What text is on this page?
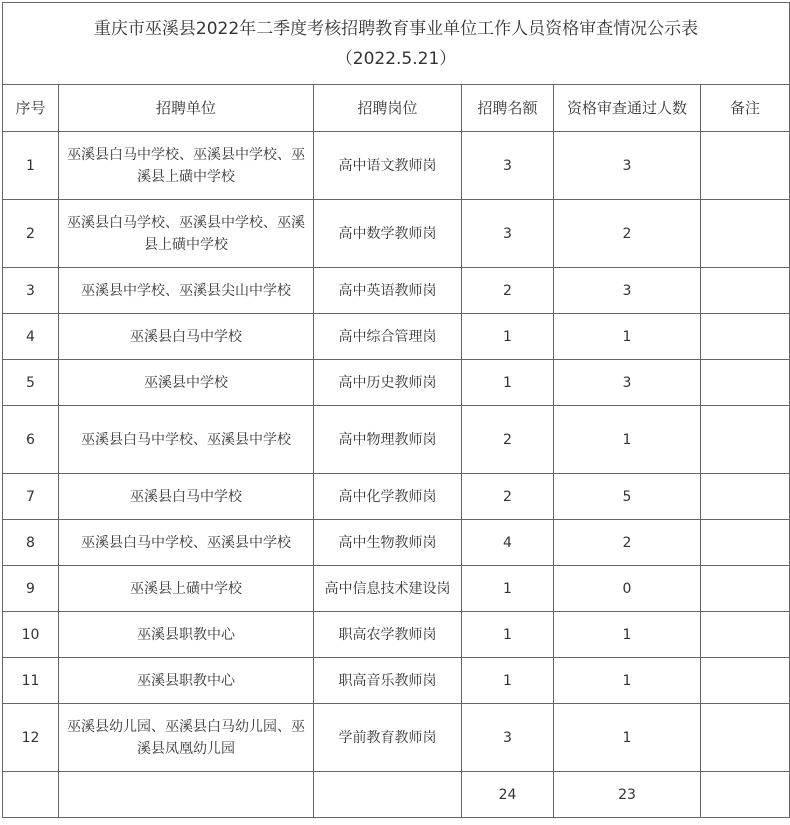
重庆市巫溪县2022年二季度考核招聘教育事业单位工作人员资格审查情况公示表
（2022.5.21）					

序号	招聘单位	招聘岗位	招聘名额	资格审查通过人数	备注
1	巫溪县白马中学校、巫溪县中学校、巫溪县上磺中学校	高中语文教师岗	3	3	
2	巫溪县白马学校、巫溪县中学校、巫溪县上磺中学校	高中数学教师岗	3	2	
3	巫溪县中学校、巫溪县尖山中学校	高中英语教师岗	2	3	
4	巫溪县白马中学校	高中综合管理岗	1	1	
5	巫溪县中学校	高中历史教师岗	1	3	
6	巫溪县白马中学校、巫溪县中学校	高中物理教师岗	2	1	
7	巫溪县白马中学校	高中化学教师岗	2	5	
8	巫溪县白马中学校、巫溪县中学校	高中生物教师岗	4	2	
9	巫溪县上磺中学校	高中信息技术建设岗	1	0	
10	巫溪县职教中心	职高农学教师岗	1	1	
11	巫溪县职教中心	职高音乐教师岗	1	1	
12	巫溪县幼儿园、巫溪县白马幼儿园、巫溪县凤凰幼儿园	学前教育教师岗	3	1	
			24	23	
